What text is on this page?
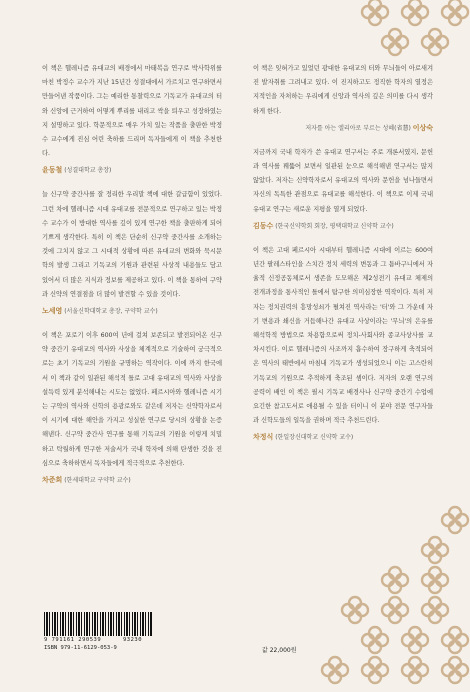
이 책은 헬레니즘 유대교의 배경에서 마태복음 연구로 박사학위를 마친 박정수 교수가 지난 15년간 성결대에서 가르치고 연구하면서 만들어낸 작품이다. 그는 예리한 통찰력으로 기독교가 유대교의 터와 신앙에 근거하여 어떻게 뿌리를 내리고 싹을 틔우고 성장하였는지 설명하고 있다. 학문적으로 매우 가치 있는 작품을 출판한 박정수 교수에게 진심 어린 축하를 드리며 독자들에게 이 책을 추천한다.

윤동철 (성결대학교 총장)

늘 신구약 중간사를 잘 정리한 우리말 책에 대한 갈급함이 있었다. 그런 차에 헬레니즘 시대 유대교를 전문적으로 연구하고 있는 박정수 교수가 이 방대한 역사를 깊이 있게 연구한 책을 출판하게 되어 기쁘게 생각한다. 특히 이 책은 단순히 신구약 중간사를 소개하는 것에 그치지 않고 그 시대적 상황에 따른 유대교의 변화와 묵시문학의 발생 그리고 기독교의 기원과 관련된 사상적 내용들도 담고 있어서 더 많은 지식과 정보를 제공하고 있다. 이 책을 통하여 구약과 신약의 연결점을 더 많이 발견할 수 있을 것이다.

노세영 (서울신학대학교 총장, 구약학 교수)

이 책은 포로기 이후 600여 년에 걸쳐 보존되고 발전되어온 신구약 중간기 유대교의 역사와 사상을 체계적으로 기술하여 궁극적으로는 초기 기독교의 기원을 규명하는 역작이다. 이에 까지 한국에서 이 책과 같이 일관된 해석적 틀로 고대 유대교의 역사와 사상을 설득력 있게 분석해내는 시도는 없었다. 페르시아와 헬레니즘 시기는 구약의 역사와 신학의 용광로와도 같은데 저자는 신약학자로서 이 시기에 대한 해안을 가지고 성실한 연구로 당시의 상황을 논증해낸다. 신구약 중간사 연구를 통해 기독교의 기원을 이렇게 치밀하고 탁월하게 연구한 저술서가 국내 학자에 의해 탄생한 것을 진심으로 축하하면서 독자들에게 적극적으로 추천한다.

차준희 (한세대학교 구약학 교수)

이 책은 잊혀가고 있었던 광대한 유대교의 터와 무늬들이 아로새겨진 발자취를 그려내고 있다. 이 진지하고도 정직한 학자의 열정은 지적인을 자처하는 우리에게 신앙과 역사의 깊은 의미를 다시 생각하게 한다.

저자를 아는 엘리아로 부르는 성혜(省慧) 이상숙

지금까지 국내 학자가 쓴 유대교 연구서는 주로 개론서였지, 문헌과 역사를 꿰뚫어 보면서 일관된 눈으로 해석해낸 연구서는 많지 않았다. 저자는 신약학자로서 유대교의 역사와 문헌을 넘나들면서 자신의 독특한 관점으로 유대교를 해석한다. 이 책으로 이제 국내 유대교 연구는 새로운 지평을 열게 되었다.

김동수 (한국신약학회 회장, 평택대학교 신약학 교수)

이 책은 고대 페르시아 시대부터 헬레니즘 시대에 이르는 600여 년간 팔레스타인을 스치간 정치 세력의 변동과 그 틈바구니에서 자율적 신정공동체로서 생존을 도모해온 제2성전기 유대교 체제의 전개과정을 통사적인 틀에서 탐구한 의미심장한 역작이다. 특히 저자는 정치권력의 흥망성쇠가 펼쳐진 역사라는 '터'와 그 가운데 자기 변용과 쇄신을 거듭해나간 유대교 사상이라는 '무늬'의 은유를 해석학적 방법으로 차용함으로써 정치-사회사와 종교사상사를 교차시킨다. 이로 헬레니즘의 사조까지 흡수하여 장구하게 축적되어온 역사의 태반에서 마침내 기독교가 생성되었으니 이는 고스란히 기독교의 기원으로 추적하게 축조된 셈이다. 저자의 오랜 연구의 공력이 배인 이 책은 필시 기독교 배경사나 신구약 중간기 수업에 요긴한 참고도서로 애용될 수 있을 터이니 이 분야 전문 연구자들과 신학도들의 일독을 권하며 적극 추천드린다.

차정식 (한일장신대학교 신약학 교수)
9 791161 290539	93230
ISBN 979-11-6129-053-9	값 22,000원
